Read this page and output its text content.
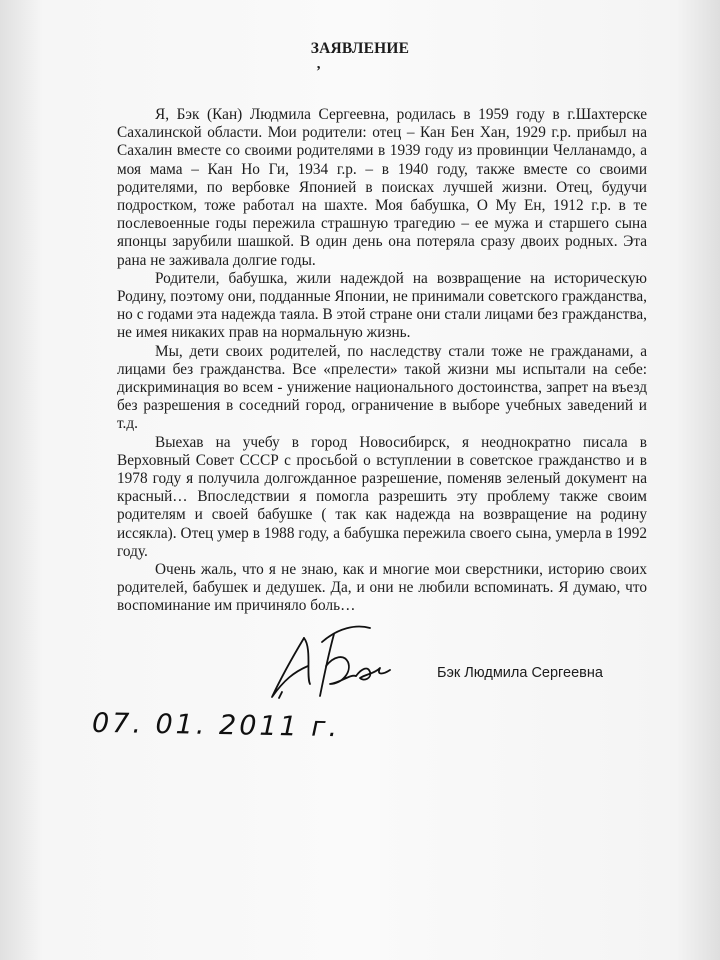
ЗАЯВЛЕНИЕ
ʼ

Я, Бэк (Кан) Людмила Сергеевна, родилась в 1959 году в г.Шахтерске Сахалинской области. Мои родители: отец – Кан Бен Хан, 1929 г.р. прибыл на Сахалин вместе со своими родителями в 1939 году из провинции Челланамдо, а моя мама – Кан Но Ги, 1934 г.р. – в 1940 году, также вместе со своими родителями, по вербовке Японией в поисках лучшей жизни. Отец, будучи подростком, тоже работал на шахте. Моя бабушка, О Му Ен, 1912 г.р. в те послевоенные годы пережила страшную трагедию – ее мужа и старшего сына японцы зарубили шашкой. В один день она потеряла сразу двоих родных. Эта рана не заживала долгие годы.

Родители, бабушка, жили надеждой на возвращение на историческую Родину, поэтому они, подданные Японии, не принимали советского гражданства, но с годами эта надежда таяла. В этой стране они стали лицами без гражданства, не имея никаких прав на нормальную жизнь.

Мы, дети своих родителей, по наследству стали тоже не гражданами, а лицами без гражданства. Все «прелести» такой жизни мы испытали на себе: дискриминация во всем - унижение национального достоинства, запрет на въезд без разрешения в соседний город, ограничение в выборе учебных заведений и т.д.

Выехав на учебу в город Новосибирск, я неоднократно писала в Верховный Совет СССР с просьбой о вступлении в советское гражданство и в 1978 году я получила долгожданное разрешение, поменяв зеленый документ на красный… Впоследствии я помогла разрешить эту проблему также своим родителям и своей бабушке ( так как надежда на возвращение на родину иссякла). Отец умер в 1988 году, а бабушка пережила своего сына, умерла в 1992 году.

Очень жаль, что я не знаю, как и многие мои сверстники, историю своих родителей, бабушек и дедушек. Да, и они не любили вспоминать. Я думаю, что воспоминание им причиняло боль…

Бэк Людмила Сергеевна
07. 01. 2011 г.
